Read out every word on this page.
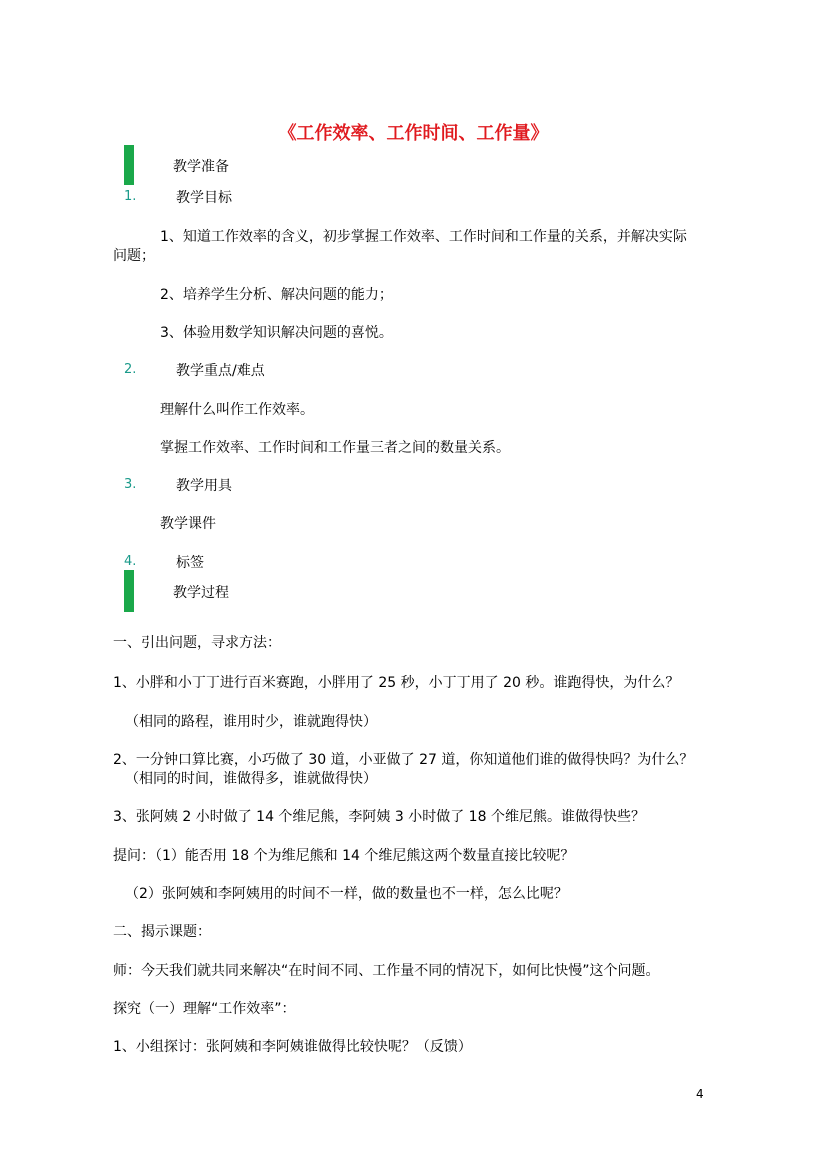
《工作效率、工作时间、工作量》
教学准备
1.	教学目标
1、知道工作效率的含义，初步掌握工作效率、工作时间和工作量的关系，并解决实际
问题；
2、培养学生分析、解决问题的能力；
3、体验用数学知识解决问题的喜悦。
2.	教学重点/难点
理解什么叫作工作效率。
掌握工作效率、工作时间和工作量三者之间的数量关系。
3.	教学用具
教学课件
4.	标签
教学过程
一、引出问题，寻求方法：
1、小胖和小丁丁进行百米赛跑，小胖用了 25 秒，小丁丁用了 20 秒。谁跑得快，为什么？
（相同的路程，谁用时少，谁就跑得快）
2、一分钟口算比赛，小巧做了 30 道，小亚做了 27 道，你知道他们谁的做得快吗？为什么？
（相同的时间，谁做得多，谁就做得快）
3、张阿姨 2 小时做了 14 个维尼熊，李阿姨 3 小时做了 18 个维尼熊。谁做得快些？
提问：（1）能否用 18 个为维尼熊和 14 个维尼熊这两个数量直接比较呢？
（2）张阿姨和李阿姨用的时间不一样，做的数量也不一样，怎么比呢？
二、揭示课题：
师：今天我们就共同来解决“在时间不同、工作量不同的情况下，如何比快慢”这个问题。
探究（一）理解“工作效率”：
1、小组探讨：张阿姨和李阿姨谁做得比较快呢？（反馈）
4
